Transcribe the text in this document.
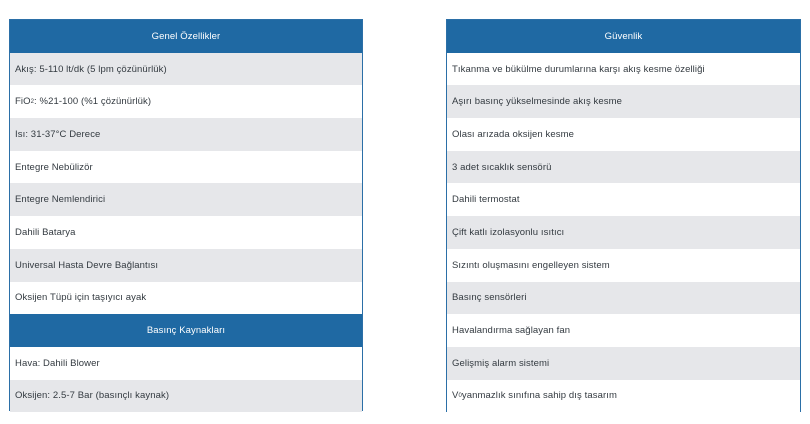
Genel Özellikler
Akış: 5-110 lt/dk (5 lpm çözünürlük)
FiO 2 : %21-100 (%1 çözünürlük)
Isı: 31-37°C Derece
Entegre Nebülizör
Entegre Nemlendirici
Dahili Batarya
Universal Hasta Devre Bağlantısı
Oksijen Tüpü için taşıyıcı ayak
Basınç Kaynakları
Hava: Dahili Blower
Oksijen: 2.5-7 Bar (basınçlı kaynak)
Güvenlik
Tıkanma ve bükülme durumlarına karşı akış kesme özelliği
Aşırı basınç yükselmesinde akış kesme
Olası arızada oksijen kesme
3 adet sıcaklık sensörü
Dahili termostat
Çift katlı izolasyonlu ısıtıcı
Sızıntı oluşmasını engelleyen sistem
Basınç sensörleri
Havalandırma sağlayan fan
Gelişmiş alarm sistemi
V 0 yanmazlık sınıfına sahip dış tasarım
